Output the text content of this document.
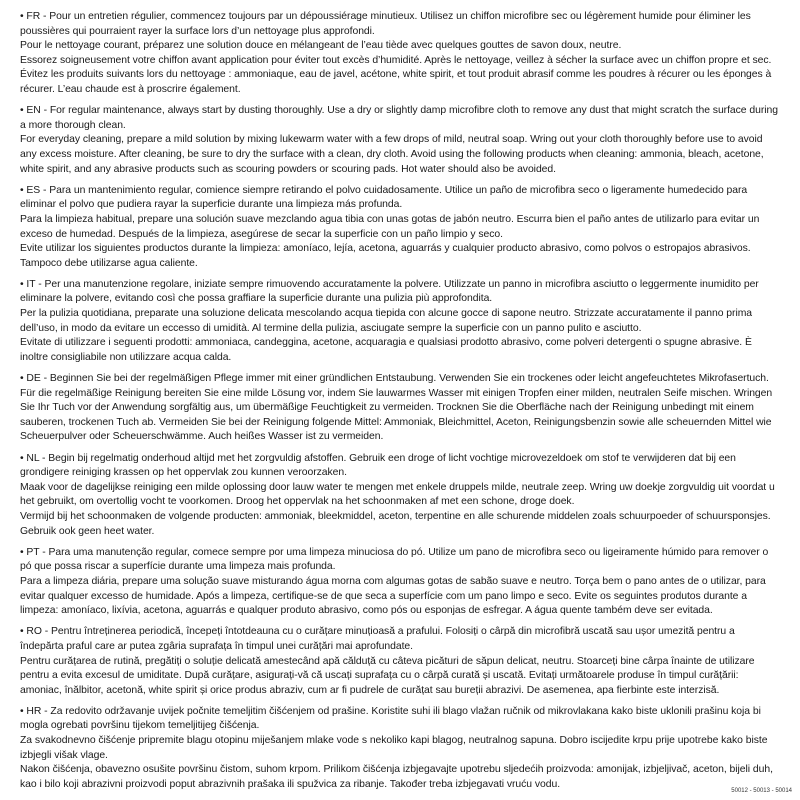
• FR - Pour un entretien régulier, commencez toujours par un dépoussiérage minutieux. Utilisez un chiffon microfibre sec ou légèrement humide pour éliminer les poussières qui pourraient rayer la surface lors d’un nettoyage plus approfondi.

Pour le nettoyage courant, préparez une solution douce en mélangeant de l’eau tiède avec quelques gouttes de savon doux, neutre.

Essorez soigneusement votre chiffon avant application pour éviter tout excès d’humidité. Après le nettoyage, veillez à sécher la surface avec un chiffon propre et sec. Évitez les produits suivants lors du nettoyage : ammoniaque, eau de javel, acétone, white spirit, et tout produit abrasif comme les poudres à récurer ou les éponges à récurer. L’eau chaude est à proscrire également.

• EN - For regular maintenance, always start by dusting thoroughly. Use a dry or slightly damp microfibre cloth to remove any dust that might scratch the surface during a more thorough clean.

For everyday cleaning, prepare a mild solution by mixing lukewarm water with a few drops of mild, neutral soap. Wring out your cloth thoroughly before use to avoid any excess moisture. After cleaning, be sure to dry the surface with a clean, dry cloth. Avoid using the following products when cleaning: ammonia, bleach, acetone, white spirit, and any abrasive products such as scouring powders or scouring pads. Hot water should also be avoided.

• ES - Para un mantenimiento regular, comience siempre retirando el polvo cuidadosamente. Utilice un paño de microfibra seco o ligeramente humedecido para eliminar el polvo que pudiera rayar la superficie durante una limpieza más profunda.

Para la limpieza habitual, prepare una solución suave mezclando agua tibia con unas gotas de jabón neutro. Escurra bien el paño antes de utilizarlo para evitar un exceso de humedad. Después de la limpieza, asegúrese de secar la superficie con un paño limpio y seco.

Evite utilizar los siguientes productos durante la limpieza: amoníaco, lejía, acetona, aguarrás y cualquier producto abrasivo, como polvos o estropajos abrasivos. Tampoco debe utilizarse agua caliente.

• IT - Per una manutenzione regolare, iniziate sempre rimuovendo accuratamente la polvere. Utilizzate un panno in microfibra asciutto o leggermente inumidito per eliminare la polvere, evitando così che possa graffiare la superficie durante una pulizia più approfondita.

Per la pulizia quotidiana, preparate una soluzione delicata mescolando acqua tiepida con alcune gocce di sapone neutro. Strizzate accuratamente il panno prima dell’uso, in modo da evitare un eccesso di umidità. Al termine della pulizia, asciugate sempre la superficie con un panno pulito e asciutto.

Evitate di utilizzare i seguenti prodotti: ammoniaca, candeggina, acetone, acquaragia e qualsiasi prodotto abrasivo, come polveri detergenti o spugne abrasive. È inoltre consigliabile non utilizzare acqua calda.

• DE - Beginnen Sie bei der regelmäßigen Pflege immer mit einer gründlichen Entstaubung. Verwenden Sie ein trockenes oder leicht angefeuchtetes Mikrofasertuch.

Für die regelmäßige Reinigung bereiten Sie eine milde Lösung vor, indem Sie lauwarmes Wasser mit einigen Tropfen einer milden, neutralen Seife mischen. Wringen Sie Ihr Tuch vor der Anwendung sorgfältig aus, um übermäßige Feuchtigkeit zu vermeiden. Trocknen Sie die Oberfläche nach der Reinigung unbedingt mit einem sauberen, trockenen Tuch ab. Vermeiden Sie bei der Reinigung folgende Mittel: Ammoniak, Bleichmittel, Aceton, Reinigungsbenzin sowie alle scheuernden Mittel wie Scheuerpulver oder Scheuerschwämme. Auch heißes Wasser ist zu vermeiden.

• NL - Begin bij regelmatig onderhoud altijd met het zorgvuldig afstoffen. Gebruik een droge of licht vochtige microvezeldoek om stof te verwijderen dat bij een grondigere reiniging krassen op het oppervlak zou kunnen veroorzaken.

Maak voor de dagelijkse reiniging een milde oplossing door lauw water te mengen met enkele druppels milde, neutrale zeep. Wring uw doekje zorgvuldig uit voordat u het gebruikt, om overtollig vocht te voorkomen. Droog het oppervlak na het schoonmaken af met een schone, droge doek.

Vermijd bij het schoonmaken de volgende producten: ammoniak, bleekmiddel, aceton, terpentine en alle schurende middelen zoals schuurpoeder of schuursponsjes. Gebruik ook geen heet water.

• PT - Para uma manutenção regular, comece sempre por uma limpeza minuciosa do pó. Utilize um pano de microfibra seco ou ligeiramente húmido para remover o pó que possa riscar a superfície durante uma limpeza mais profunda.

Para a limpeza diária, prepare uma solução suave misturando água morna com algumas gotas de sabão suave e neutro. Torça bem o pano antes de o utilizar, para evitar qualquer excesso de humidade. Após a limpeza, certifique-se de que seca a superfície com um pano limpo e seco. Evite os seguintes produtos durante a limpeza: amoníaco, lixívia, acetona, aguarrás e qualquer produto abrasivo, como pós ou esponjas de esfregar. A água quente também deve ser evitada.

• RO - Pentru întreținerea periodică, începeți întotdeauna cu o curățare minuțioasă a prafului. Folosiți o cârpă din microfibră uscată sau ușor umezită pentru a îndepărta praful care ar putea zgâria suprafața în timpul unei curățări mai aprofundate.

Pentru curățarea de rutină, pregătiți o soluție delicată amestecând apă călduță cu câteva picături de săpun delicat, neutru. Stoarceți bine cârpa înainte de utilizare pentru a evita excesul de umiditate. După curățare, asigurați-vă că uscați suprafața cu o cârpă curată și uscată. Evitați următoarele produse în timpul curățării: amoniac, înălbitor, acetonă, white spirit și orice produs abraziv, cum ar fi pudrele de curățat sau bureții abrazivi. De asemenea, apa fierbinte este interzisă.

• HR - Za redovito održavanje uvijek počnite temeljitim čišćenjem od prašine. Koristite suhi ili blago vlažan ručnik od mikrovlakana kako biste uklonili prašinu koja bi mogla ogrebati površinu tijekom temeljitijeg čišćenja.

Za svakodnevno čišćenje pripremite blagu otopinu miješanjem mlake vode s nekoliko kapi blagog, neutralnog sapuna. Dobro iscijedite krpu prije upotrebe kako biste izbjegli višak vlage.

Nakon čišćenja, obavezno osušite površinu čistom, suhom krpom. Prilikom čišćenja izbjegavajte upotrebu sljedećih proizvoda: amonijak, izbjeljivač, aceton, bijeli duh, kao i bilo koji abrazivni proizvodi poput abrazivnih prašaka ili spužvica za ribanje. Također treba izbjegavati vruću vodu.

50012 - 50013 - 50014
